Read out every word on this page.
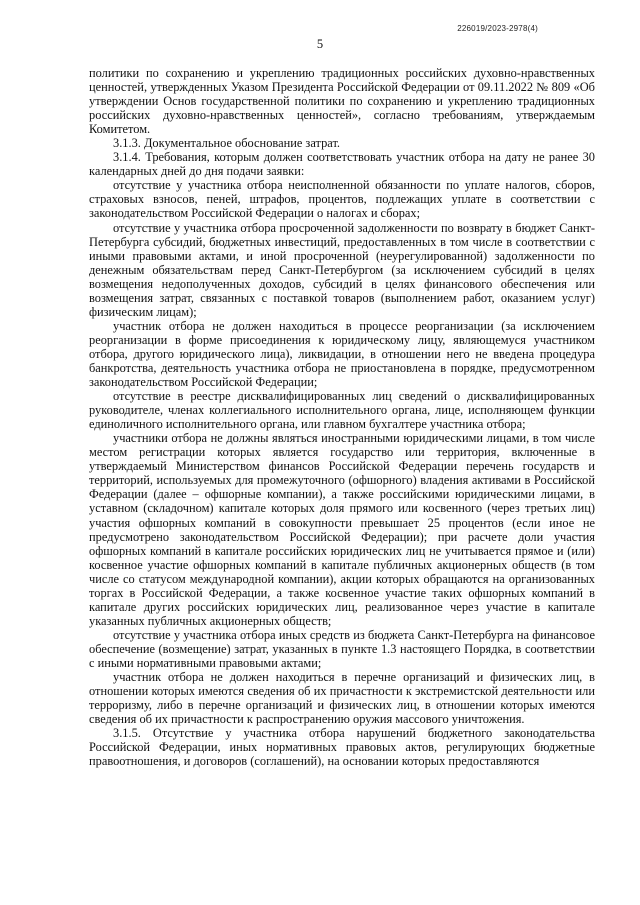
226019/2023-2978(4)
5

политики по сохранению и укреплению традиционных российских духовно-нравственных ценностей, утвержденных Указом Президента Российской Федерации от 09.11.2022 № 809 «Об утверждении Основ государственной политики по сохранению и укреплению традиционных российских духовно-нравственных ценностей», согласно требованиям, утверждаемым Комитетом.

3.1.3. Документальное обоснование затрат.

3.1.4. Требования, которым должен соответствовать участник отбора на дату не ранее 30 календарных дней до дня подачи заявки:

отсутствие у участника отбора неисполненной обязанности по уплате налогов, сборов, страховых взносов, пеней, штрафов, процентов, подлежащих уплате в соответствии с законодательством Российской Федерации о налогах и сборах;

отсутствие у участника отбора просроченной задолженности по возврату в бюджет Санкт-Петербурга субсидий, бюджетных инвестиций, предоставленных в том числе в соответствии с иными правовыми актами, и иной просроченной (неурегулированной) задолженности по денежным обязательствам перед Санкт-Петербургом (за исключением субсидий в целях возмещения недополученных доходов, субсидий в целях финансового обеспечения или возмещения затрат, связанных с поставкой товаров (выполнением работ, оказанием услуг) физическим лицам);

участник отбора не должен находиться в процессе реорганизации (за исключением реорганизации в форме присоединения к юридическому лицу, являющемуся участником отбора, другого юридического лица), ликвидации, в отношении него не введена процедура банкротства, деятельность участника отбора не приостановлена в порядке, предусмотренном законодательством Российской Федерации;

отсутствие в реестре дисквалифицированных лиц сведений о дисквалифицированных руководителе, членах коллегиального исполнительного органа, лице, исполняющем функции единоличного исполнительного органа, или главном бухгалтере участника отбора;

участники отбора не должны являться иностранными юридическими лицами, в том числе местом регистрации которых является государство или территория, включенные в утверждаемый Министерством финансов Российской Федерации перечень государств и территорий, используемых для промежуточного (офшорного) владения активами в Российской Федерации (далее – офшорные компании), а также российскими юридическими лицами, в уставном (складочном) капитале которых доля прямого или косвенного (через третьих лиц) участия офшорных компаний в совокупности превышает 25 процентов (если иное не предусмотрено законодательством Российской Федерации); при расчете доли участия офшорных компаний в капитале российских юридических лиц не учитывается прямое и (или) косвенное участие офшорных компаний в капитале публичных акционерных обществ (в том числе со статусом международной компании), акции которых обращаются на организованных торгах в Российской Федерации, а также косвенное участие таких офшорных компаний в капитале других российских юридических лиц, реализованное через участие в капитале указанных публичных акционерных обществ;

отсутствие у участника отбора иных средств из бюджета Санкт-Петербурга на финансовое обеспечение (возмещение) затрат, указанных в пункте 1.3 настоящего Порядка, в соответствии с иными нормативными правовыми актами;

участник отбора не должен находиться в перечне организаций и физических лиц, в отношении которых имеются сведения об их причастности к экстремистской деятельности или терроризму, либо в перечне организаций и физических лиц, в отношении которых имеются сведения об их причастности к распространению оружия массового уничтожения.

3.1.5. Отсутствие у участника отбора нарушений бюджетного законодательства Российской Федерации, иных нормативных правовых актов, регулирующих бюджетные правоотношения, и договоров (соглашений), на основании которых предоставляются
